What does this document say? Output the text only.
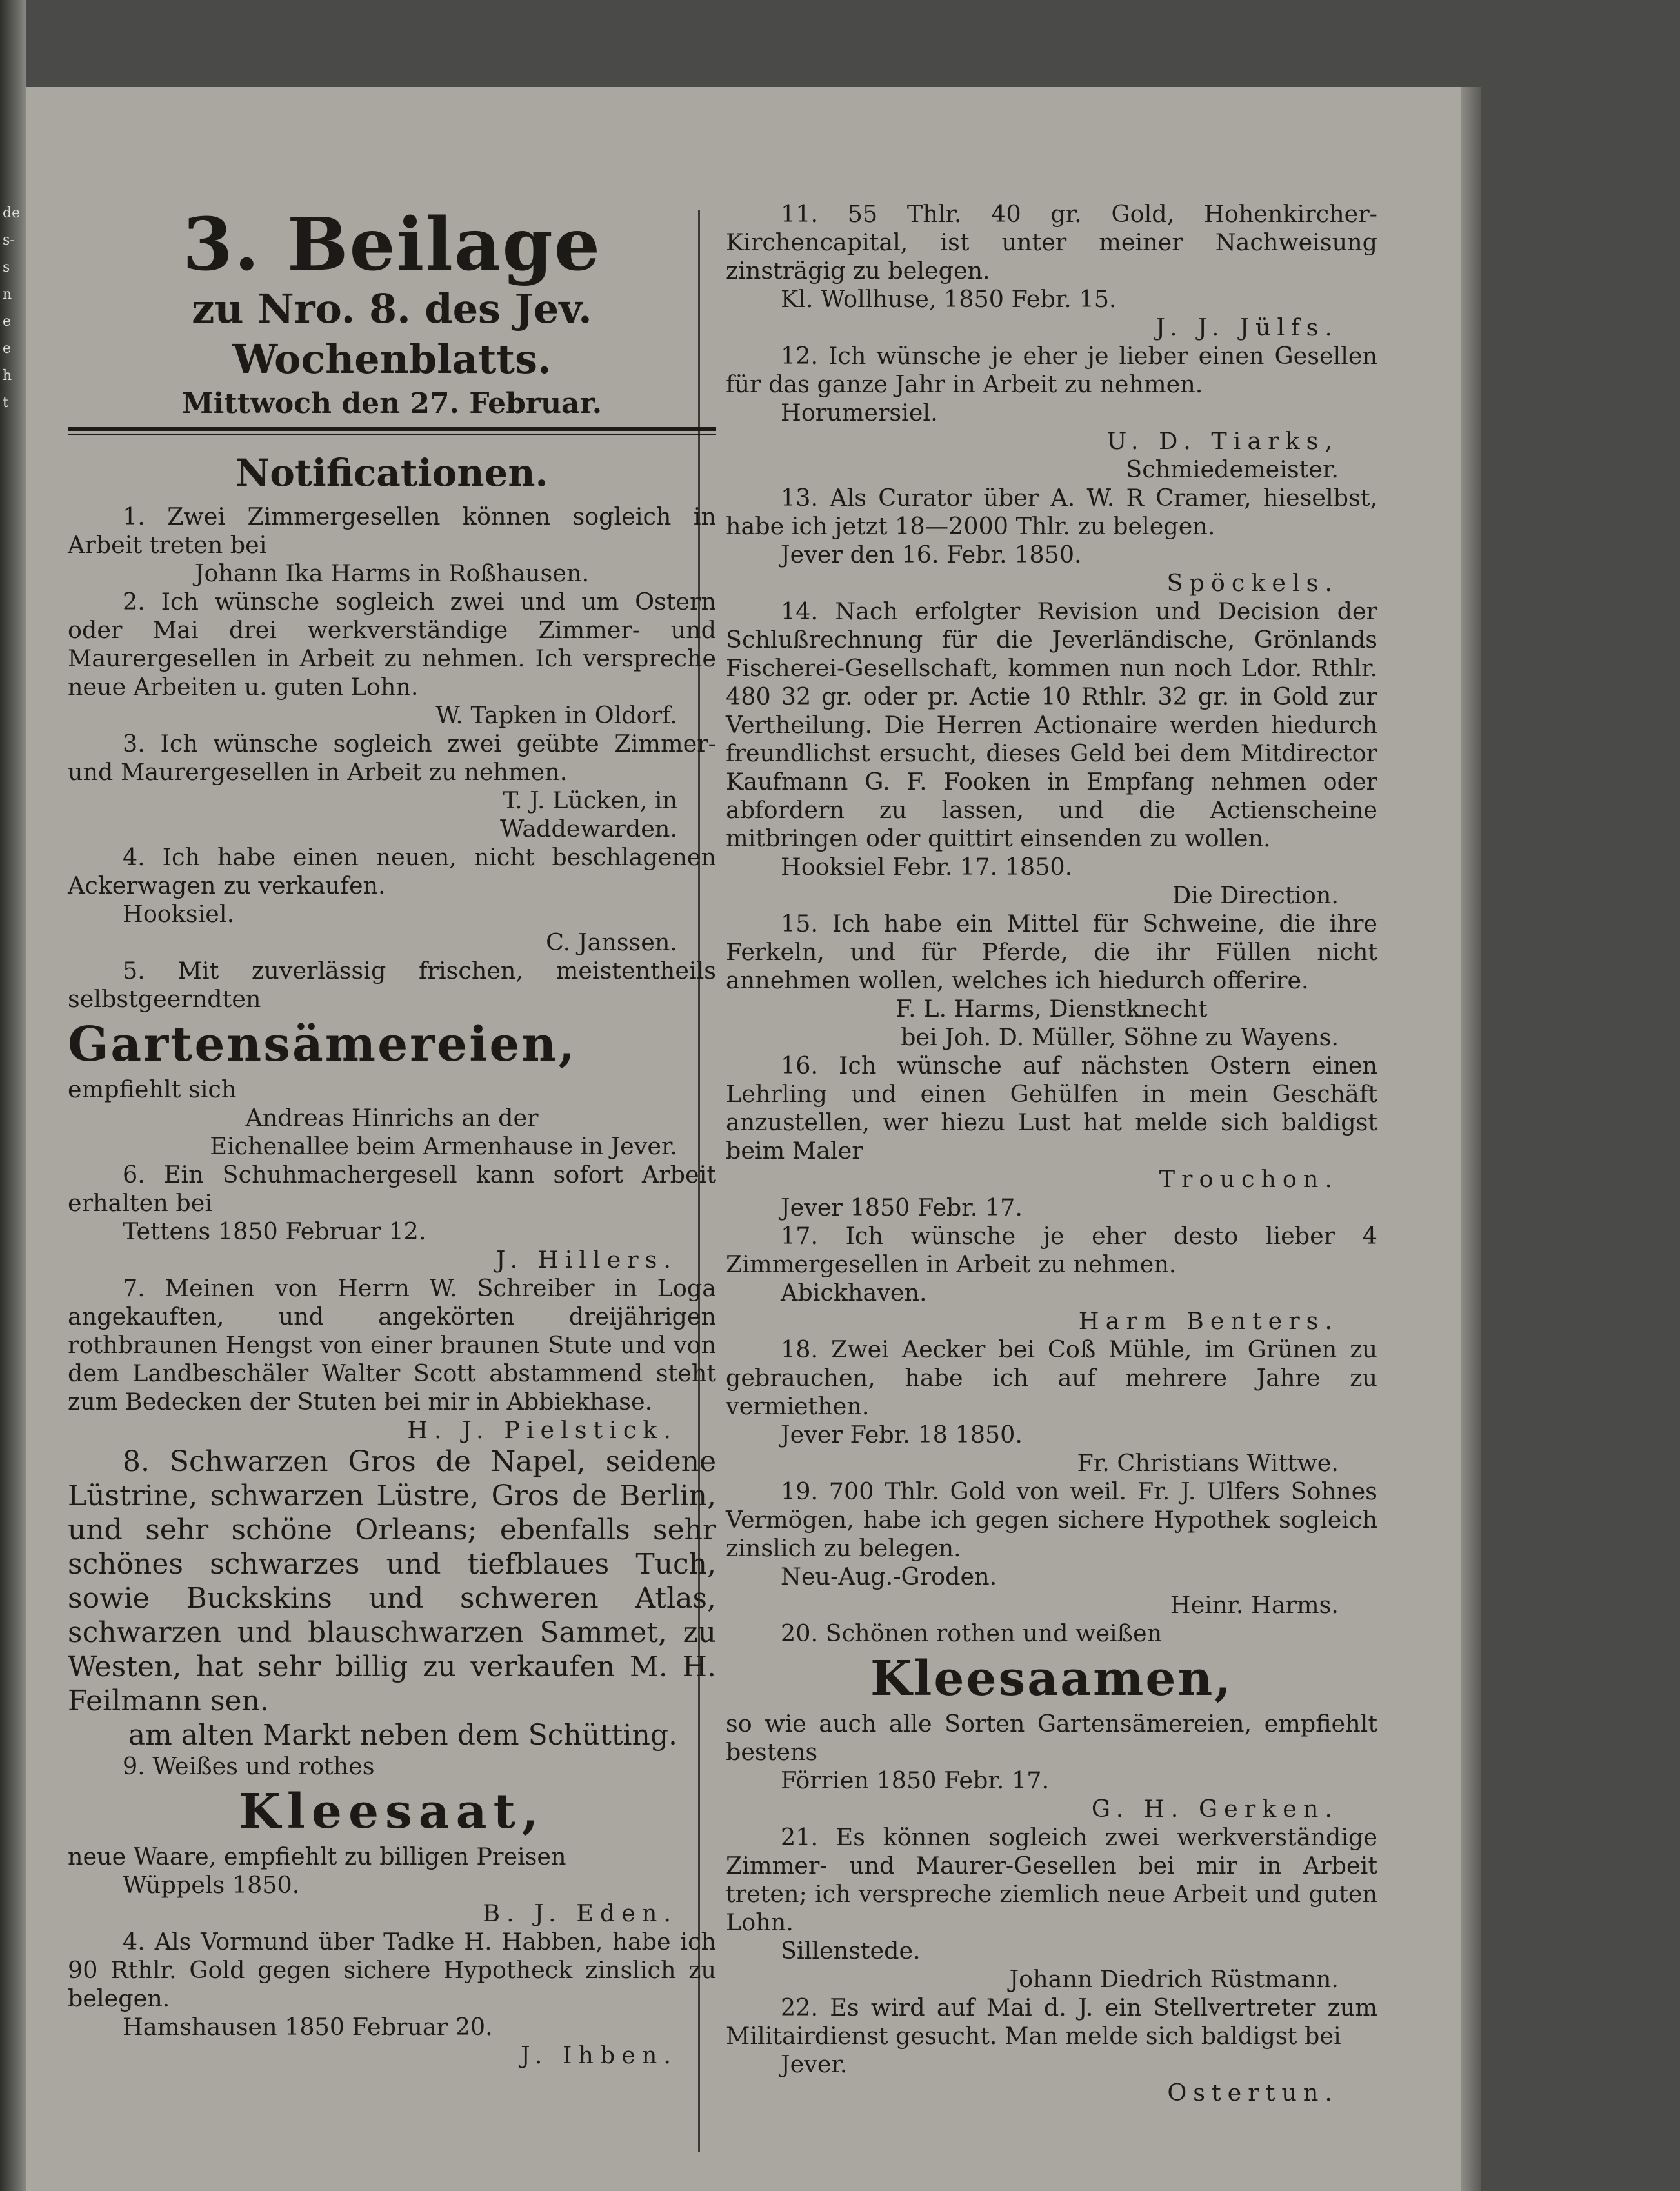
de
s-
s
n
e
e
h
t
3. Beilage
zu Nro. 8. des Jev. Wochenblatts.
Mittwoch den 27. Februar.
Notificationen.

1. Zwei Zimmergesellen können sogleich in Arbeit treten bei

Johann Ika Harms in Roßhausen.

2. Ich wünsche sogleich zwei und um Ostern oder Mai drei werkverständige Zimmer- und Maurergesellen in Arbeit zu nehmen. Ich verspreche neue Arbeiten u. guten Lohn.

W. Tapken in Oldorf.

3. Ich wünsche sogleich zwei geübte Zimmer- und Maurergesellen in Arbeit zu nehmen.

T. J. Lücken, in

Waddewarden.

4. Ich habe einen neuen, nicht beschlagenen Ackerwagen zu verkaufen.

Hooksiel.

C. Janssen.

5. Mit zuverlässig frischen, meistentheils selbstgeerndten

Gartensämereien,

empfiehlt sich

Andreas Hinrichs an der

Eichenallee beim Armenhause in Jever.

6. Ein Schuhmachergesell kann sofort Arbeit erhalten bei

Tettens 1850 Februar 12.

J. Hillers.

7. Meinen von Herrn W. Schreiber in Loga angekauften, und angekörten dreijährigen rothbraunen Hengst von einer braunen Stute und von dem Landbeschäler Walter Scott abstammend steht zum Bedecken der Stuten bei mir in Abbiekhase.

H. J. Pielstick.

8. Schwarzen Gros de Napel, seidene Lüstrine, schwarzen Lüstre, Gros de Berlin, und sehr schöne Orleans; ebenfalls sehr schönes schwarzes und tiefblaues Tuch, sowie Buckskins und schweren Atlas, schwarzen und blauschwarzen Sammet, zu Westen, hat sehr billig zu verkaufen M. H. Feilmann sen.

am alten Markt neben dem Schütting.

9. Weißes und rothes

Kleesaat,

neue Waare, empfiehlt zu billigen Preisen

Wüppels 1850.

B. J. Eden.

4. Als Vormund über Tadke H. Habben, habe ich 90 Rthlr. Gold gegen sichere Hypotheck zinslich zu belegen.

Hamshausen 1850 Februar 20.

J. Ihben.

11. 55 Thlr. 40 gr. Gold, Hohenkircher-Kirchencapital, ist unter meiner Nachweisung zinsträgig zu belegen.

Kl. Wollhuse, 1850 Febr. 15.

J. J. Jülfs.

12. Ich wünsche je eher je lieber einen Gesellen für das ganze Jahr in Arbeit zu nehmen.

Horumersiel.

U. D. Tiarks,

Schmiedemeister.

13. Als Curator über A. W. R Cramer, hieselbst, habe ich jetzt 18—2000 Thlr. zu belegen.

Jever den 16. Febr. 1850.

Spöckels.

14. Nach erfolgter Revision und Decision der Schlußrechnung für die Jeverländische, Grönlands Fischerei-Gesellschaft, kommen nun noch Ldor. Rthlr. 480 32 gr. oder pr. Actie 10 Rthlr. 32 gr. in Gold zur Vertheilung. Die Herren Actionaire werden hiedurch freundlichst ersucht, dieses Geld bei dem Mitdirector Kaufmann G. F. Fooken in Empfang nehmen oder abfordern zu lassen, und die Actienscheine mitbringen oder quittirt einsenden zu wollen.

Hooksiel Febr. 17. 1850.

Die Direction.

15. Ich habe ein Mittel für Schweine, die ihre Ferkeln, und für Pferde, die ihr Füllen nicht annehmen wollen, welches ich hiedurch offerire.

F. L. Harms, Dienstknecht

bei Joh. D. Müller, Söhne zu Wayens.

16. Ich wünsche auf nächsten Ostern einen Lehrling und einen Gehülfen in mein Geschäft anzustellen, wer hiezu Lust hat melde sich baldigst beim Maler

Trouchon.

Jever 1850 Febr. 17.

17. Ich wünsche je eher desto lieber 4 Zimmergesellen in Arbeit zu nehmen.

Abickhaven.

Harm Benters.

18. Zwei Aecker bei Coß Mühle, im Grünen zu gebrauchen, habe ich auf mehrere Jahre zu vermiethen.

Jever Febr. 18 1850.

Fr. Christians Wittwe.

19. 700 Thlr. Gold von weil. Fr. J. Ulfers Sohnes Vermögen, habe ich gegen sichere Hypothek sogleich zinslich zu belegen.

Neu-Aug.-Groden.

Heinr. Harms.

20. Schönen rothen und weißen

Kleesaamen,

so wie auch alle Sorten Gartensämereien, empfiehlt bestens

Förrien 1850 Febr. 17.

G. H. Gerken.

21. Es können sogleich zwei werkverständige Zimmer- und Maurer-Gesellen bei mir in Arbeit treten; ich verspreche ziemlich neue Arbeit und guten Lohn.

Sillenstede.

Johann Diedrich Rüstmann.

22. Es wird auf Mai d. J. ein Stellvertreter zum Militairdienst gesucht. Man melde sich baldigst bei

Jever.

Ostertun.
